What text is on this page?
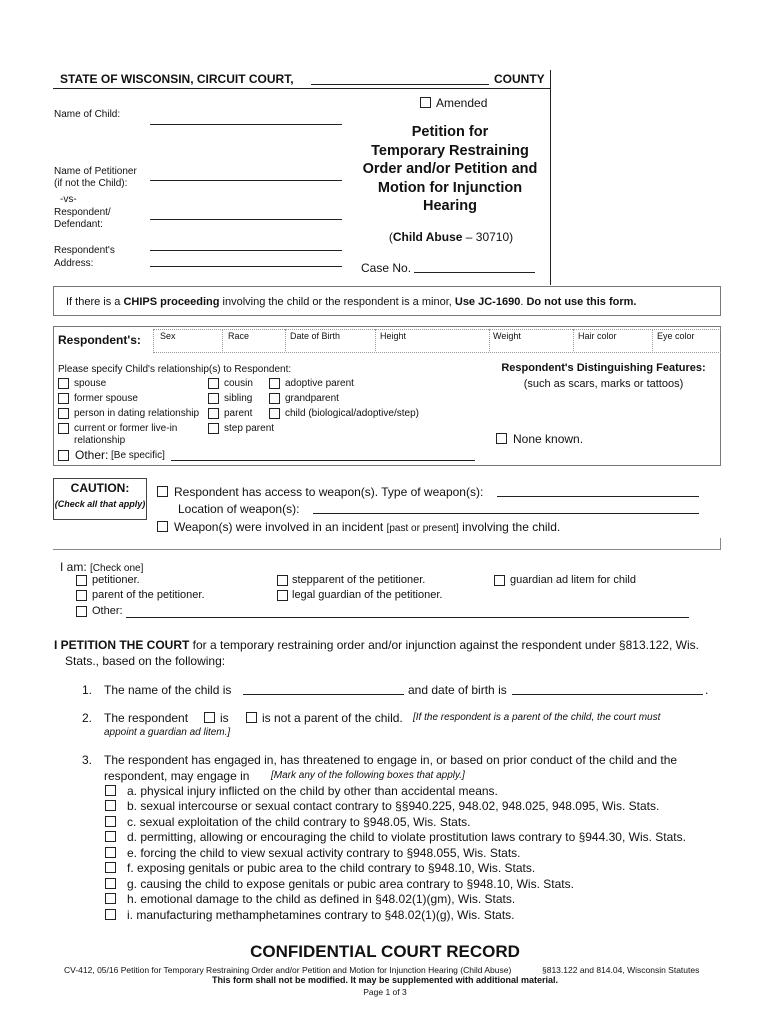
STATE OF WISCONSIN, CIRCUIT COURT,	COUNTY
Amended
Name of Child:
Name of Petitioner
(if not the Child):
-vs-
Respondent/
Defendant:
Respondent's
Address:
Petition for
Temporary Restraining
Order and/or Petition and
Motion for Injunction
Hearing
(Child Abuse – 30710)
Case No.
If there is a CHIPS proceeding involving the child or the respondent is a minor, Use JC-1690. Do not use this form.
Respondent's: Sex	Race	Date of Birth	Height	Weight	Hair color	Eye color
Please specify Child's relationship(s) to Respondent:
spouse
former spouse
person in dating relationship
current or former live-in
relationship
cousin
sibling
parent
step parent
adoptive parent
grandparent
child (biological/adoptive/step)
Other: [Be specific]
Respondent's Distinguishing Features:
(such as scars, marks or tattoos)
None known.
CAUTION:
(Check all that apply)
Respondent has access to weapon(s). Type of weapon(s):
Location of weapon(s):
Weapon(s) were involved in an incident [past or present] involving the child.
I am: [Check one]
petitioner.
parent of the petitioner.
Other:
stepparent of the petitioner.
legal guardian of the petitioner.
guardian ad litem for child
I PETITION THE COURT for a temporary restraining order and/or injunction against the respondent under §813.122, Wis.
Stats., based on the following:
1. The name of the child is	and date of birth is	.
2. The respondent	is	is not a parent of the child. [If the respondent is a parent of the child, the court must
appoint a guardian ad litem.]
3. The respondent has engaged in, has threatened to engage in, or based on prior conduct of the child and the
respondent, may engage in [Mark any of the following boxes that apply.]
a. physical injury inflicted on the child by other than accidental means.
b. sexual intercourse or sexual contact contrary to §§940.225, 948.02, 948.025, 948.095, Wis. Stats.
c. sexual exploitation of the child contrary to §948.05, Wis. Stats.
d. permitting, allowing or encouraging the child to violate prostitution laws contrary to §944.30, Wis. Stats.
e. forcing the child to view sexual activity contrary to §948.055, Wis. Stats.
f. exposing genitals or pubic area to the child contrary to §948.10, Wis. Stats.
g. causing the child to expose genitals or pubic area contrary to §948.10, Wis. Stats.
h. emotional damage to the child as defined in §48.02(1)(gm), Wis. Stats.
i. manufacturing methamphetamines contrary to §48.02(1)(g), Wis. Stats.
CONFIDENTIAL COURT RECORD
CV-412, 05/16 Petition for Temporary Restraining Order and/or Petition and Motion for Injunction Hearing (Child Abuse)	§813.122 and 814.04, Wisconsin Statutes
This form shall not be modified. It may be supplemented with additional material.
Page 1 of 3
